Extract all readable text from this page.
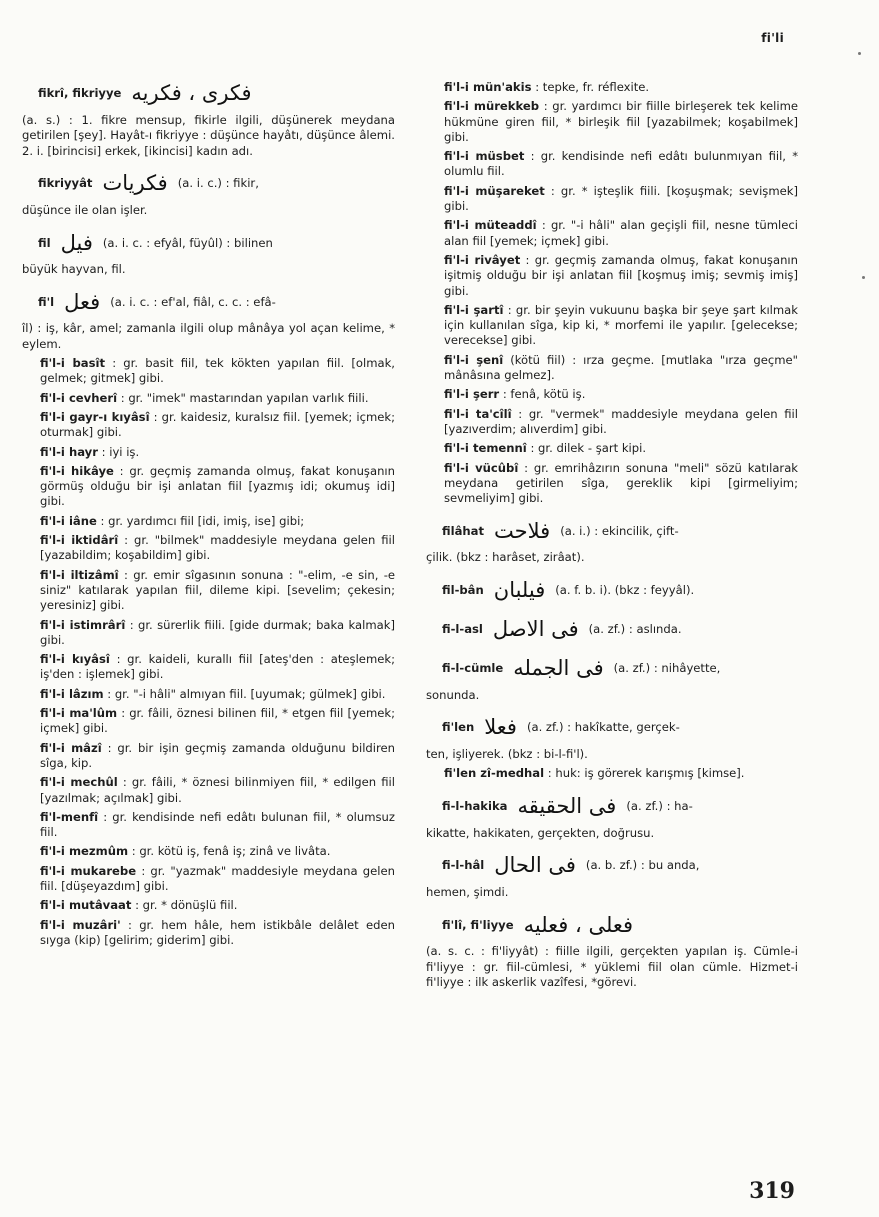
fi'li
fikrî, fikriyye فكرى ، فكريه
(a. s.) : 1. fikre mensup, fikirle ilgili, düşünerek meydana getirilen [şey]. Hayât-ı fikriyye : düşünce hayâtı, düşünce âlemi. 2. i. [birincisi] erkek, [ikincisi] kadın adı.
fikriyyât فكريات (a. i. c.) : fikir,
düşünce ile olan işler.
fil فيل (a. i. c. : efyâl, füyûl) : bilinen
büyük hayvan, fil.
fi'l فعل (a. i. c. : ef'al, fiâl, c. c. : efâ-
îl) : iş, kâr, amel; zamanla ilgili olup mânâya yol açan kelime, * eylem.
fi'l-i basît : gr. basit fiil, tek kökten yapılan fiil. [olmak, gelmek; gitmek] gibi.
fi'l-i cevherî : gr. "imek" mastarından yapılan varlık fiili.
fi'l-i gayr-ı kıyâsî : gr. kaidesiz, kuralsız fiil. [yemek; içmek; oturmak] gibi.
fi'l-i hayr : iyi iş.
fi'l-i hikâye : gr. geçmiş zamanda olmuş, fakat konuşanın görmüş olduğu bir işi anlatan fiil [yazmış idi; okumuş idi] gibi.
fi'l-i iâne : gr. yardımcı fiil [idi, imiş, ise] gibi;
fi'l-i iktidârî : gr. "bilmek" maddesiyle meydana gelen fiil [yazabildim; koşabildim] gibi.
fi'l-i iltizâmî : gr. emir sîgasının sonuna : "-elim, -e sin, -e siniz" katılarak yapılan fiil, dileme kipi. [sevelim; çekesin; yeresiniz] gibi.
fi'l-i istimrârî : gr. sürerlik fiili. [gide durmak; baka kalmak] gibi.
fi'l-i kıyâsî : gr. kaideli, kurallı fiil [ateş'den : ateşlemek; iş'den : işlemek] gibi.
fi'l-i lâzım : gr. "-i hâli" almıyan fiil. [uyumak; gülmek] gibi.
fi'l-i ma'lûm : gr. fâili, öznesi bilinen fiil, * etgen fiil [yemek; içmek] gibi.
fi'l-i mâzî : gr. bir işin geçmiş zamanda olduğunu bildiren sîga, kip.
fi'l-i mechûl : gr. fâili, * öznesi bilinmiyen fiil, * edilgen fiil [yazılmak; açılmak] gibi.
fi'l-menfî : gr. kendisinde nefi edâtı bulunan fiil, * olumsuz fiil.
fi'l-i mezmûm : gr. kötü iş, fenâ iş; zinâ ve livâta.
fi'l-i mukarebe : gr. "yazmak" maddesiyle meydana gelen fiil. [düşeyazdım] gibi.
fi'l-i mutâvaat : gr. * dönüşlü fiil.
fi'l-i muzâri' : gr. hem hâle, hem istikbâle delâlet eden sıyga (kip) [gelirim; giderim] gibi.
fi'l-i mün'akis : tepke, fr. réflexite.
fi'l-i mürekkeb : gr. yardımcı bir fiille birleşerek tek kelime hükmüne giren fiil, * birleşik fiil [yazabilmek; koşabilmek] gibi.
fi'l-i müsbet : gr. kendisinde nefi edâtı bulunmıyan fiil, * olumlu fiil.
fi'l-i müşareket : gr. * işteşlik fiili. [koşuşmak; sevişmek] gibi.
fi'l-i müteaddî : gr. "-i hâli" alan geçişli fiil, nesne tümleci alan fiil [yemek; içmek] gibi.
fi'l-i rivâyet : gr. geçmiş zamanda olmuş, fakat konuşanın işitmiş olduğu bir işi anlatan fiil [koşmuş imiş; sevmiş imiş] gibi.
fi'l-i şartî : gr. bir şeyin vukuunu başka bir şeye şart kılmak için kullanılan sîga, kip ki, * morfemi ile yapılır. [gelecekse; verecekse] gibi.
fi'l-i şenî (kötü fiil) : ırza geçme. [mutlaka "ırza geçme" mânâsına gelmez].
fi'l-i şerr : fenâ, kötü iş.
fi'l-i ta'cîlî : gr. "vermek" maddesiyle meydana gelen fiil [yazıverdim; alıverdim] gibi.
fi'l-i temennî : gr. dilek - şart kipi.
fi'l-i vücûbî : gr. emrihâzırın sonuna "meli" sözü katılarak meydana getirilen sîga, gereklik kipi [girmeliyim; sevmeliyim] gibi.
filâhat فلاحت (a. i.) : ekincilik, çift-
çilik. (bkz : harâset, zirâat).
fil-bân فيلبان (a. f. b. i). (bkz : feyyâl).
fi-l-asl فى الاصل (a. zf.) : aslında.
fi-l-cümle فى الجمله (a. zf.) : nihâyette,
sonunda.
fi'len فعلا (a. zf.) : hakîkatte, gerçek-
ten, işliyerek. (bkz : bi-l-fi'l).
fi'len zî-medhal : huk: iş görerek karışmış [kimse].
fi-l-hakika فى الحقيقه (a. zf.) : ha-
kikatte, hakikaten, gerçekten, doğrusu.
fi-l-hâl فى الحال (a. b. zf.) : bu anda,
hemen, şimdi.
fi'lî, fi'liyye فعلى ، فعليه
(a. s. c. : fi'liyyât) : fiille ilgili, gerçekten yapılan iş. Cümle-i fi'liyye : gr. fiil-cümlesi, * yüklemi fiil olan cümle. Hizmet-i fi'liyye : ilk askerlik vazîfesi, *görevi.
319
